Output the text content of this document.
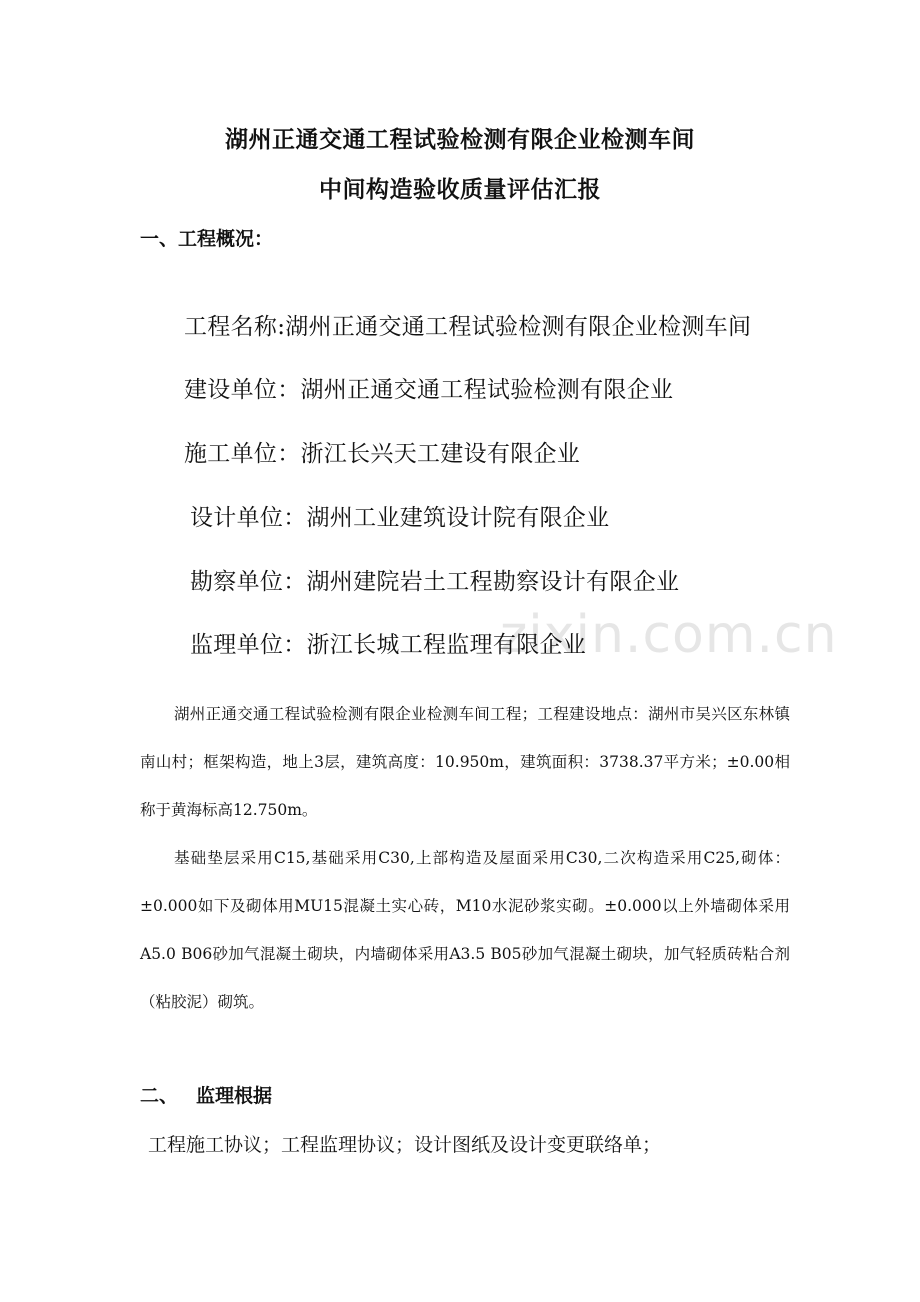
zixin.com.cn
湖州正通交通工程试验检测有限企业检测车间
中间构造验收质量评估汇报
一、工程概况：
工程名称:湖州正通交通工程试验检测有限企业检测车间
建设单位：湖州正通交通工程试验检测有限企业
施工单位：浙江长兴天工建设有限企业
设计单位：湖州工业建筑设计院有限企业
勘察单位：湖州建院岩土工程勘察设计有限企业
监理单位：浙江长城工程监理有限企业
湖州正通交通工程试验检测有限企业检测车间工程；工程建设地点：湖州市吴兴区东林镇南山村；框架构造，地上3层，建筑高度：10.950m，建筑面积：3738.37平方米；±0.00相称于黄海标高12.750m。
基础垫层采用C15,基础采用C30,上部构造及屋面采用C30,二次构造采用C25,砌体：±0.000如下及砌体用MU15混凝土实心砖，M10水泥砂浆实砌。±0.000以上外墙砌体采用A5.0 B06砂加气混凝土砌块，内墙砌体采用A3.5 B05砂加气混凝土砌块，加气轻质砖粘合剂（粘胶泥）砌筑。
二、 监理根据
工程施工协议；工程监理协议；设计图纸及设计变更联络单；
